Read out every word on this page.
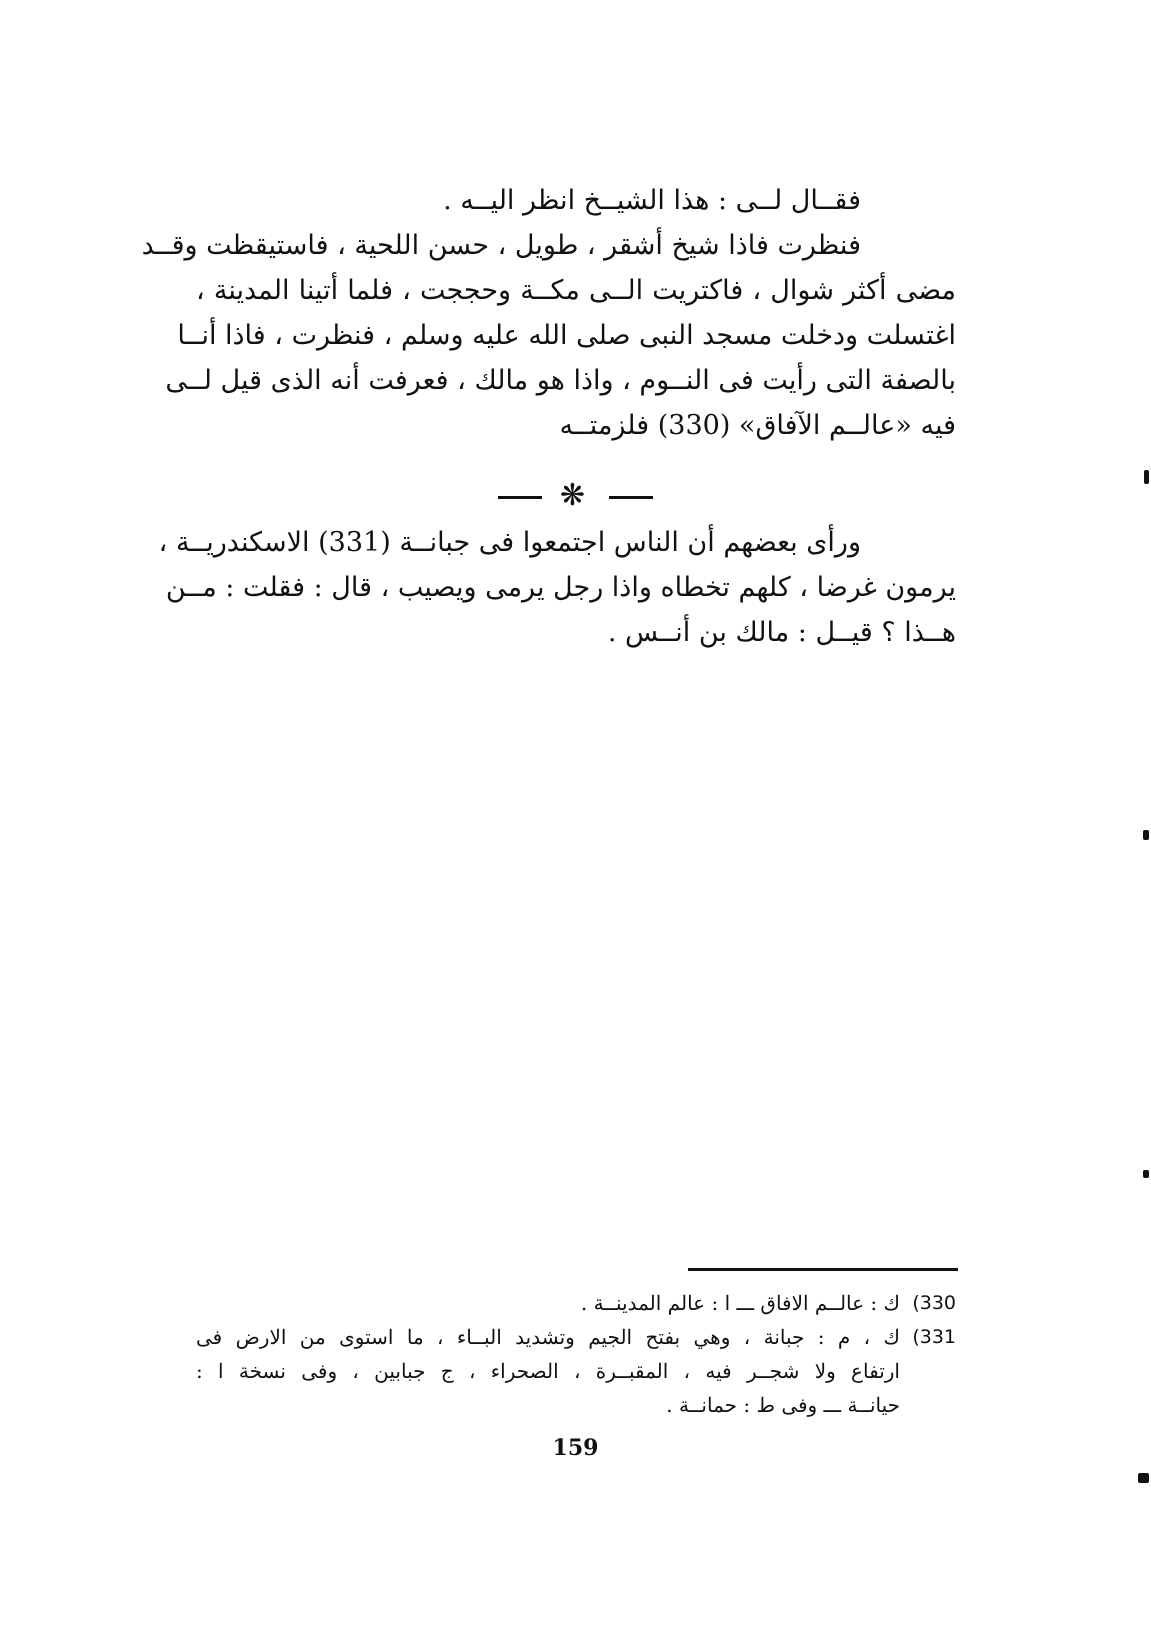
فقــال لــى : هذا الشيــخ انظر اليــه .
فنظرت فاذا شيخ أشقر ، طويل ، حسن اللحية ، فاستيقظت وقــد
مضى أكثر شوال ، فاكتريت الــى مكــة وحججت ، فلما أتينا المدينة ،
اغتسلت ودخلت مسجد النبى صلى الله عليه وسلم ، فنظرت ، فاذا أنــا
بالصفة التى رأيت فى النــوم ، واذا هو مالك ، فعرفت أنه الذى قيل لــى
فيه «عالــم الآفاق» (330) فلزمتــه
❋
ورأى بعضهم أن الناس اجتمعوا فى جبانــة (331) الاسكندريــة ،
يرمون غرضا ، كلهم تخطاه واذا رجل يرمى ويصيب ، قال : فقلت : مــن
هــذا ؟ قيــل : مالك بن أنــس .
(330
ك : عالــم الافاق ـــ ا : عالم المدينــة .
(331
ك ، م : جبانة ، وهي بفتح الجيم وتشديد البــاء ، ما استوى من الارض فى
ارتفاع ولا شجــر فيه ، المقبــرة ، الصحراء ، ج جبابين ، وفى نسخة ا :
حيانــة ـــ وفى ط : حمانــة .
159
